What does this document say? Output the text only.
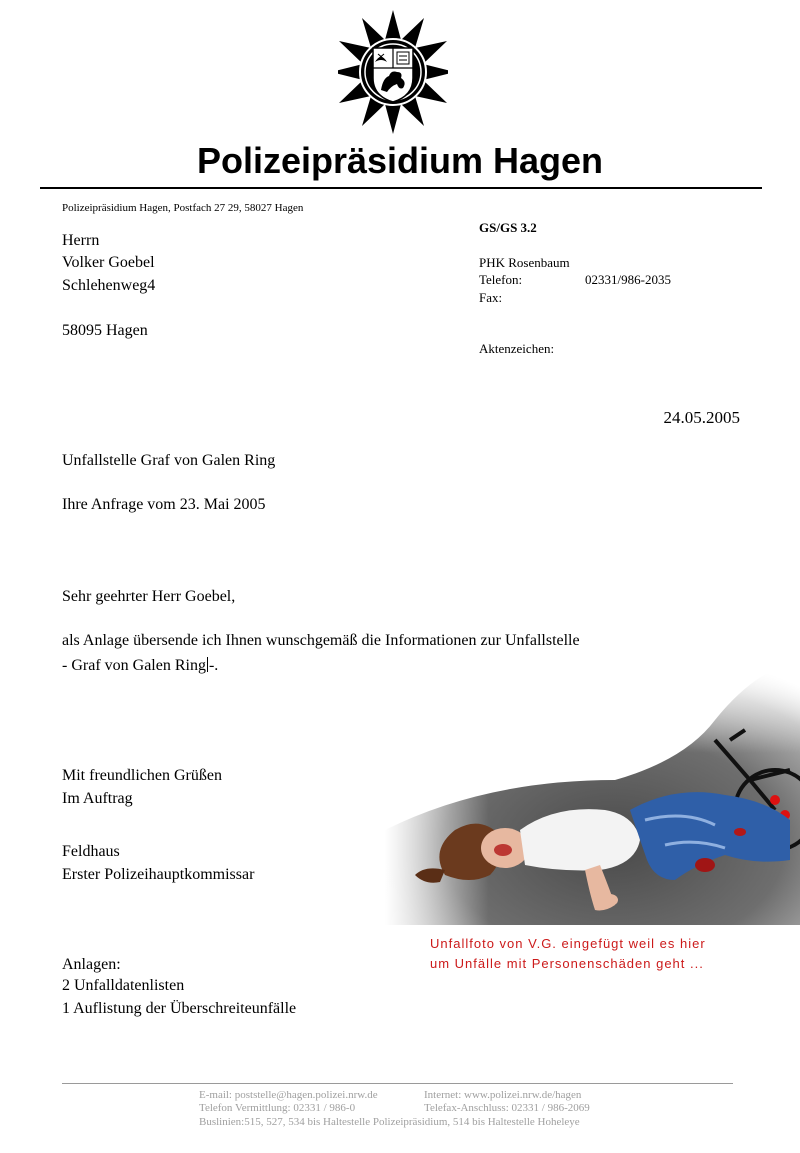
Polizeipräsidium Hagen
Polizeipräsidium Hagen, Postfach 27 29, 58027 Hagen
Herrn
Volker Goebel
Schlehenweg4
58095 Hagen
GS/GS 3.2
PHK Rosenbaum
Telefon:	02331/986-2035
Fax:
Aktenzeichen:
24.05.2005
Unfallstelle Graf von Galen Ring
Ihre Anfrage vom 23. Mai 2005
Sehr geehrter Herr Goebel,
als Anlage übersende ich Ihnen wunschgemäß die Informationen zur Unfallstelle
- Graf von Galen Ring -.
Mit freundlichen Grüßen
Im Auftrag
Feldhaus
Erster Polizeihauptkommissar
Anlagen:
2 Unfalldatenlisten
1 Auflistung der Überschreiteunfälle
Unfallfoto von V.G. eingefügt weil es hier
um Unfälle mit Personenschäden geht ...
E-mail: poststelle@hagen.polizei.nrw.de	Internet: www.polizei.nrw.de/hagen
Telefon Vermittlung: 02331 / 986-0	Telefax-Anschluss: 02331 / 986-2069
Buslinien:515, 527, 534 bis Haltestelle Polizeipräsidium, 514 bis Haltestelle Hoheleye
